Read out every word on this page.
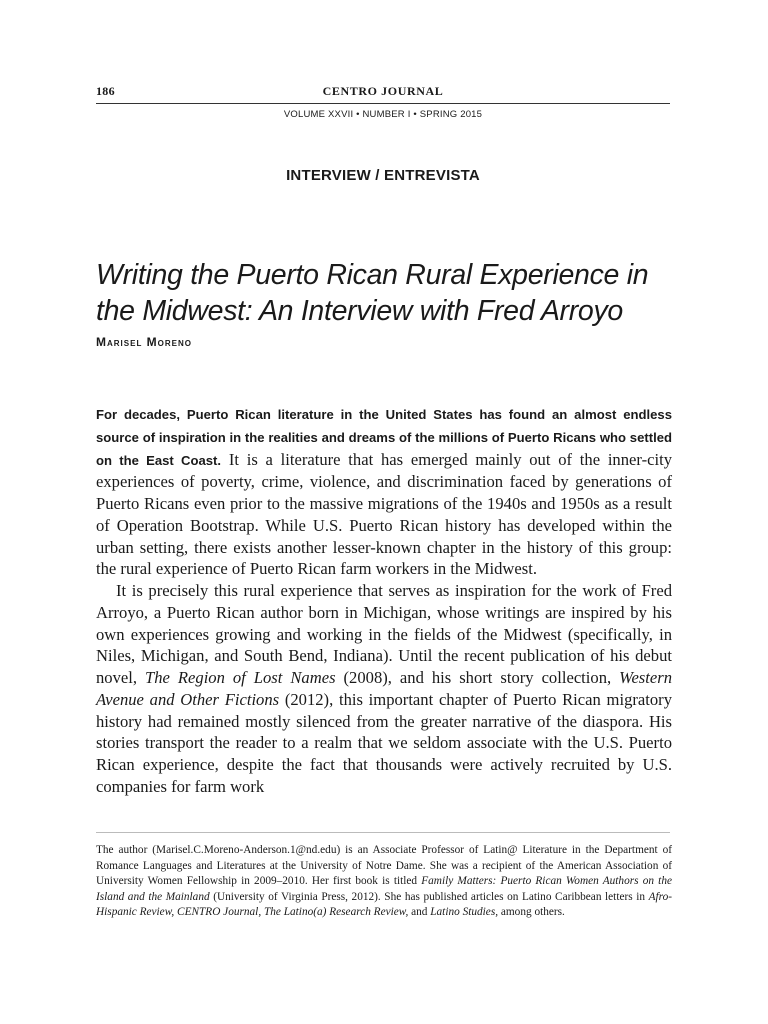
CENTRO JOURNAL
186
VOLUME XXVII • NUMBER I • SPRING 2015
INTERVIEW / ENTREVISTA
Writing the Puerto Rican Rural Experience in
the Midwest: An Interview with Fred Arroyo
Marisel Moreno

For decades, Puerto Rican literature in the United States has found an almost endless source of inspiration in the realities and dreams of the millions of Puerto Ricans who settled on the East Coast. It is a literature that has emerged mainly out of the inner-city experiences of poverty, crime, violence, and discrimination faced by generations of Puerto Ricans even prior to the massive migrations of the 1940s and 1950s as a result of Operation Bootstrap. While U.S. Puerto Rican history has developed within the urban setting, there exists another lesser-known chapter in the history of this group: the rural experience of Puerto Rican farm workers in the Midwest.

It is precisely this rural experience that serves as inspiration for the work of Fred Arroyo, a Puerto Rican author born in Michigan, whose writings are inspired by his own experiences growing and working in the fields of the Midwest (specifically, in Niles, Michigan, and South Bend, Indiana). Until the recent publication of his debut novel, The Region of Lost Names (2008), and his short story collection, Western Avenue and Other Fictions (2012), this important chapter of Puerto Rican migratory history had remained mostly silenced from the greater narrative of the diaspora. His stories transport the reader to a realm that we seldom associate with the U.S. Puerto Rican experience, despite the fact that thousands were actively recruited by U.S. companies for farm work

The author (Marisel.C.Moreno-Anderson.1@nd.edu) is an Associate Professor of Latin@ Literature in the Department of Romance Languages and Literatures at the University of Notre Dame. She was a recipient of the American Association of University Women Fellowship in 2009–2010. Her first book is titled Family Matters: Puerto Rican Women Authors on the Island and the Mainland (University of Virginia Press, 2012). She has published articles on Latino Caribbean letters in Afro-Hispanic Review, CENTRO Journal, The Latino(a) Research Review, and Latino Studies, among others.
